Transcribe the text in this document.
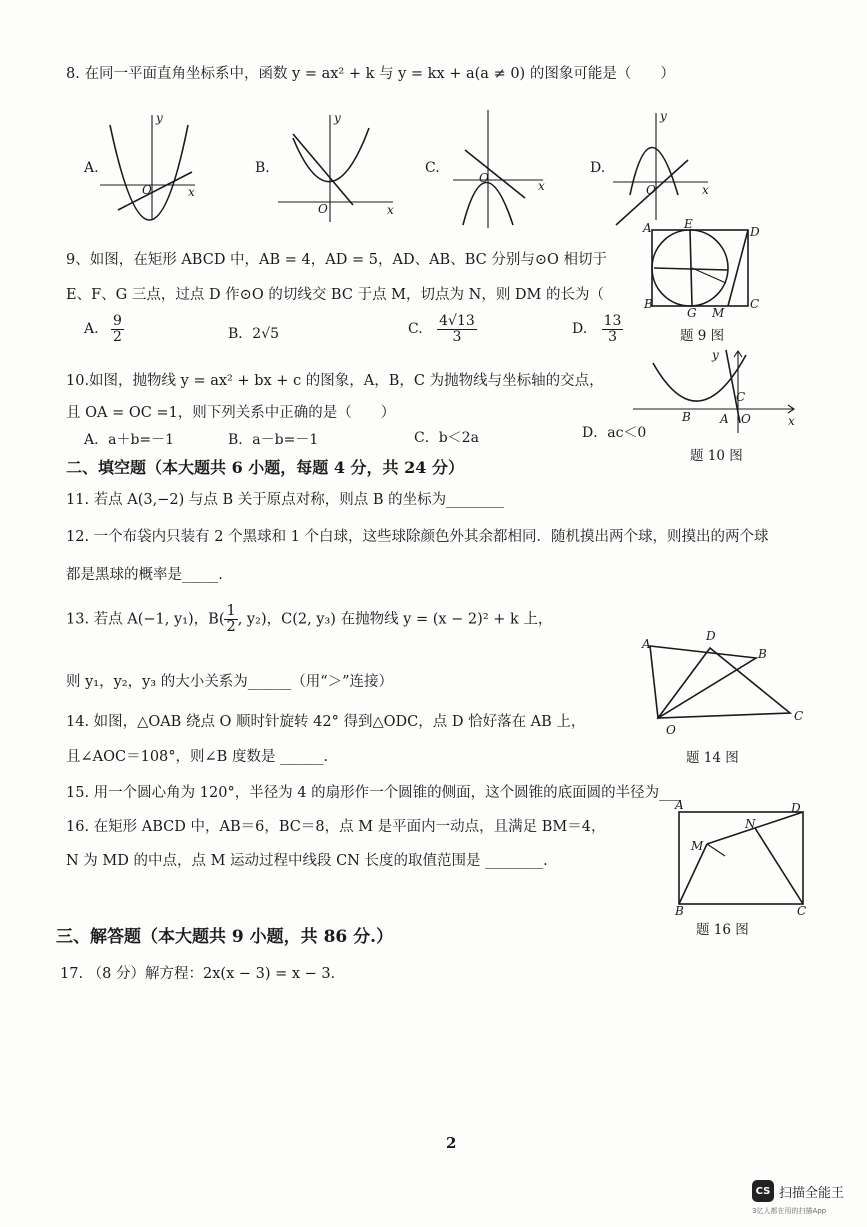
8. 在同一平面直角坐标系中，函数 y = ax² + k 与 y = kx + a(a ≠ 0) 的图象可能是（　　）
A.
y
x
O
B.
y
x
O
C.
x
O
D.
y
x
O
9、如图，在矩形 ABCD 中，AB = 4，AD = 5，AD、AB、BC 分别与⊙O 相切于
E、F、G 三点，过点 D 作⊙O 的切线交 BC 于点 M，切点为 N，则 DM 的长为（
A. $\frac{9}{2}$	B．2√5	C. $\frac{4√13}{3}$	D. $\frac{13}{3}$
A	D
B	C
E
G M
题 9 图
10.如图，抛物线 y = ax² + bx + c 的图象，A，B，C 为抛物线与坐标轴的交点，
且 OA = OC =1，则下列关系中正确的是（　　）
A．a＋b=－1	B．a－b=－1	C．b＜2a	D．ac＜0
y
x
B A O
C
题 10 图
二、填空题（本大题共 6 小题，每题 4 分，共 24 分）
11. 若点 A(3,−2) 与点 B 关于原点对称，则点 B 的坐标为________
12. 一个布袋内只装有 2 个黑球和 1 个白球，这些球除颜色外其余都相同．随机摸出两个球，则摸出的两个球
都是黑球的概率是_____.
13. 若点 A(−1, y₁)，$B( \frac{1}{2}$ , y₂)，C(2, y₃) 在抛物线 y = (x − 2)² + k 上，
则 y₁，y₂，y₃ 的大小关系为______（用“＞”连接）
A
D
B
O
C
14. 如图，△OAB 绕点 O 顺时针旋转 42° 得到△ODC，点 D 恰好落在 AB 上，
且∠AOC＝108°，则∠B 度数是 ______.	题 14 图
15. 用一个圆心角为 120°，半径为 4 的扇形作一个圆锥的侧面，这个圆锥的底面圆的半径为___
16. 在矩形 ABCD 中，AB＝6，BC＝8，点 M 是平面内一动点，且满足 BM＝4，
N 为 MD 的中点，点 M 运动过程中线段 CN 长度的取值范围是 ________.
A	D
B	C
M
N
题 16 图
三、解答题（本大题共 9 小题，共 86 分.）
17. （8 分）解方程：2x(x − 3) = x − 3．
2
CS 扫描全能王
3亿人都在用的扫描App
